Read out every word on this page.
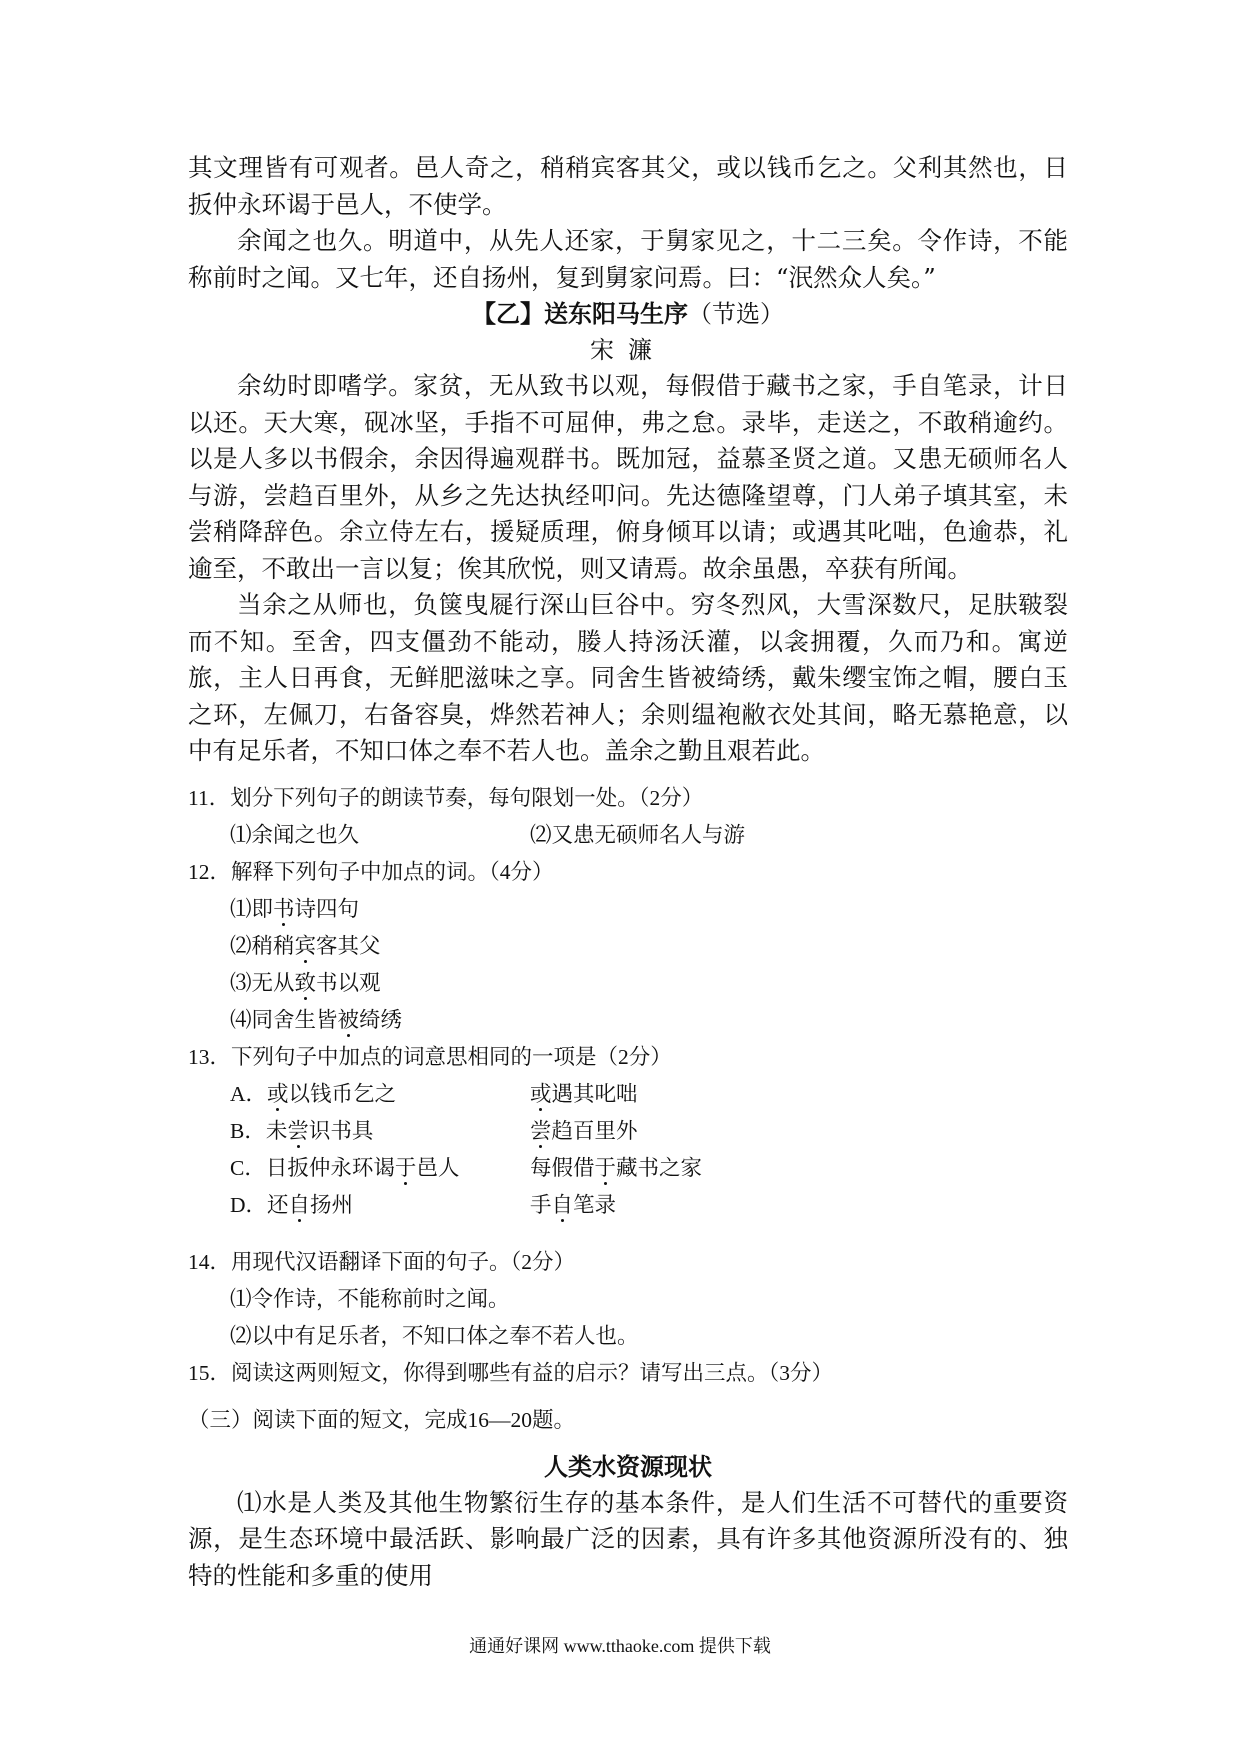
其文理皆有可观者。邑人奇之，稍稍宾客其父，或以钱币乞之。父利其然也，日扳仲永环谒于邑人，不使学。

余闻之也久。明道中，从先人还家，于舅家见之，十二三矣。令作诗，不能称前时之闻。又七年，还自扬州，复到舅家问焉。曰：“泯然众人矣。”

【乙】送东阳马生序（节选）

宋濂

余幼时即嗜学。家贫，无从致书以观，每假借于藏书之家，手自笔录，计日以还。天大寒，砚冰坚，手指不可屈伸，弗之怠。录毕，走送之，不敢稍逾约。以是人多以书假余，余因得遍观群书。既加冠，益慕圣贤之道。又患无硕师名人与游，尝趋百里外，从乡之先达执经叩问。先达德隆望尊，门人弟子填其室，未尝稍降辞色。余立侍左右，援疑质理，俯身倾耳以请；或遇其叱咄，色逾恭，礼逾至，不敢出一言以复；俟其欣悦，则又请焉。故余虽愚，卒获有所闻。

当余之从师也，负箧曳屣行深山巨谷中。穷冬烈风，大雪深数尺，足肤皲裂而不知。至舍，四支僵劲不能动，媵人持汤沃灌，以衾拥覆，久而乃和。寓逆旅，主人日再食，无鲜肥滋味之享。同舍生皆被绮绣，戴朱缨宝饰之帽，腰白玉之环，左佩刀，右备容臭，烨然若神人；余则缊袍敝衣处其间，略无慕艳意，以中有足乐者，不知口体之奉不若人也。盖余之勤且艰若此。

11．划分下列句子的朗读节奏，每句限划一处。（2分）

⑴余闻之也久	⑵又患无硕师名人与游

12．解释下列句子中加点的词。（4分）

⑴即书诗四句

⑵稍稍宾客其父

⑶无从致书以观

⑷同舍生皆被绮绣

13．下列句子中加点的词意思相同的一项是（2分）

A．或以钱币乞之	或遇其叱咄
B．未尝识书具	尝趋百里外
C．日扳仲永环谒于邑人	每假借于藏书之家
D．还自扬州	手自笔录

14．用现代汉语翻译下面的句子。（2分）

⑴令作诗，不能称前时之闻。

⑵以中有足乐者，不知口体之奉不若人也。

15．阅读这两则短文，你得到哪些有益的启示？请写出三点。（3分）

（三）阅读下面的短文，完成16—20题。

人类水资源现状

⑴水是人类及其他生物繁衍生存的基本条件，是人们生活不可替代的重要资源，是生态环境中最活跃、影响最广泛的因素，具有许多其他资源所没有的、独特的性能和多重的使用

通通好课网 www.tthaoke.com 提供下载
